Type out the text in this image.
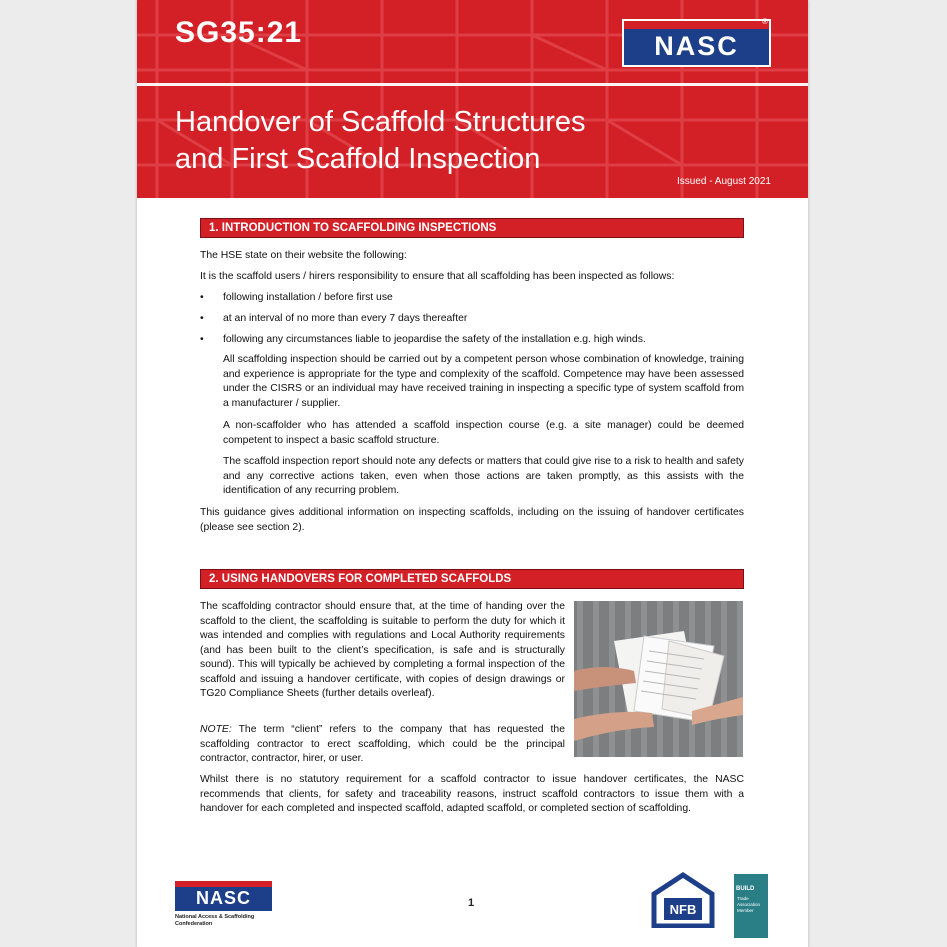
SG35:21	NASC
®
Handover of Scaffold Structures
and First Scaffold Inspection
Issued - August 2021
1. INTRODUCTION TO SCAFFOLDING INSPECTIONS
The HSE state on their website the following:
It is the scaffold users / hirers responsibility to ensure that all scaffolding has been inspected as follows:
• following installation / before first use
• at an interval of no more than every 7 days thereafter
• following any circumstances liable to jeopardise the safety of the installation e.g. high winds.
All scaffolding inspection should be carried out by a competent person whose combination of knowledge, training and experience is appropriate for the type and complexity of the scaffold. Competence may have been assessed under the CISRS or an individual may have received training in inspecting a specific type of system scaffold from a manufacturer / supplier.
A non-scaffolder who has attended a scaffold inspection course (e.g. a site manager) could be deemed competent to inspect a basic scaffold structure.
The scaffold inspection report should note any defects or matters that could give rise to a risk to health and safety and any corrective actions taken, even when those actions are taken promptly, as this assists with the identification of any recurring problem.
This guidance gives additional information on inspecting scaffolds, including on the issuing of handover certificates (please see section 2).
2. USING HANDOVERS FOR COMPLETED SCAFFOLDS
The scaffolding contractor should ensure that, at the time of handing over the scaffold to the client, the scaffolding is suitable to perform the duty for which it was intended and complies with regulations and Local Authority requirements (and has been built to the client’s specification, is safe and is structurally sound). This will typically be achieved by completing a formal inspection of the scaffold and issuing a handover certificate, with copies of design drawings or TG20 Compliance Sheets (further details overleaf).
NOTE: The term “client” refers to the company that has requested the scaffolding contractor to erect scaffolding, which could be the principal contractor, contractor, hirer, or user.
Whilst there is no statutory requirement for a scaffold contractor to issue handover certificates, the NASC recommends that clients, for safety and traceability reasons, instruct scaffold contractors to issue them with a handover for each completed and inspected scaffold, adapted scaffold, or completed section of scaffolding.
NASC
National Access & Scaffolding
Confederation
1	NFB
BUILD
Trade Association Member
